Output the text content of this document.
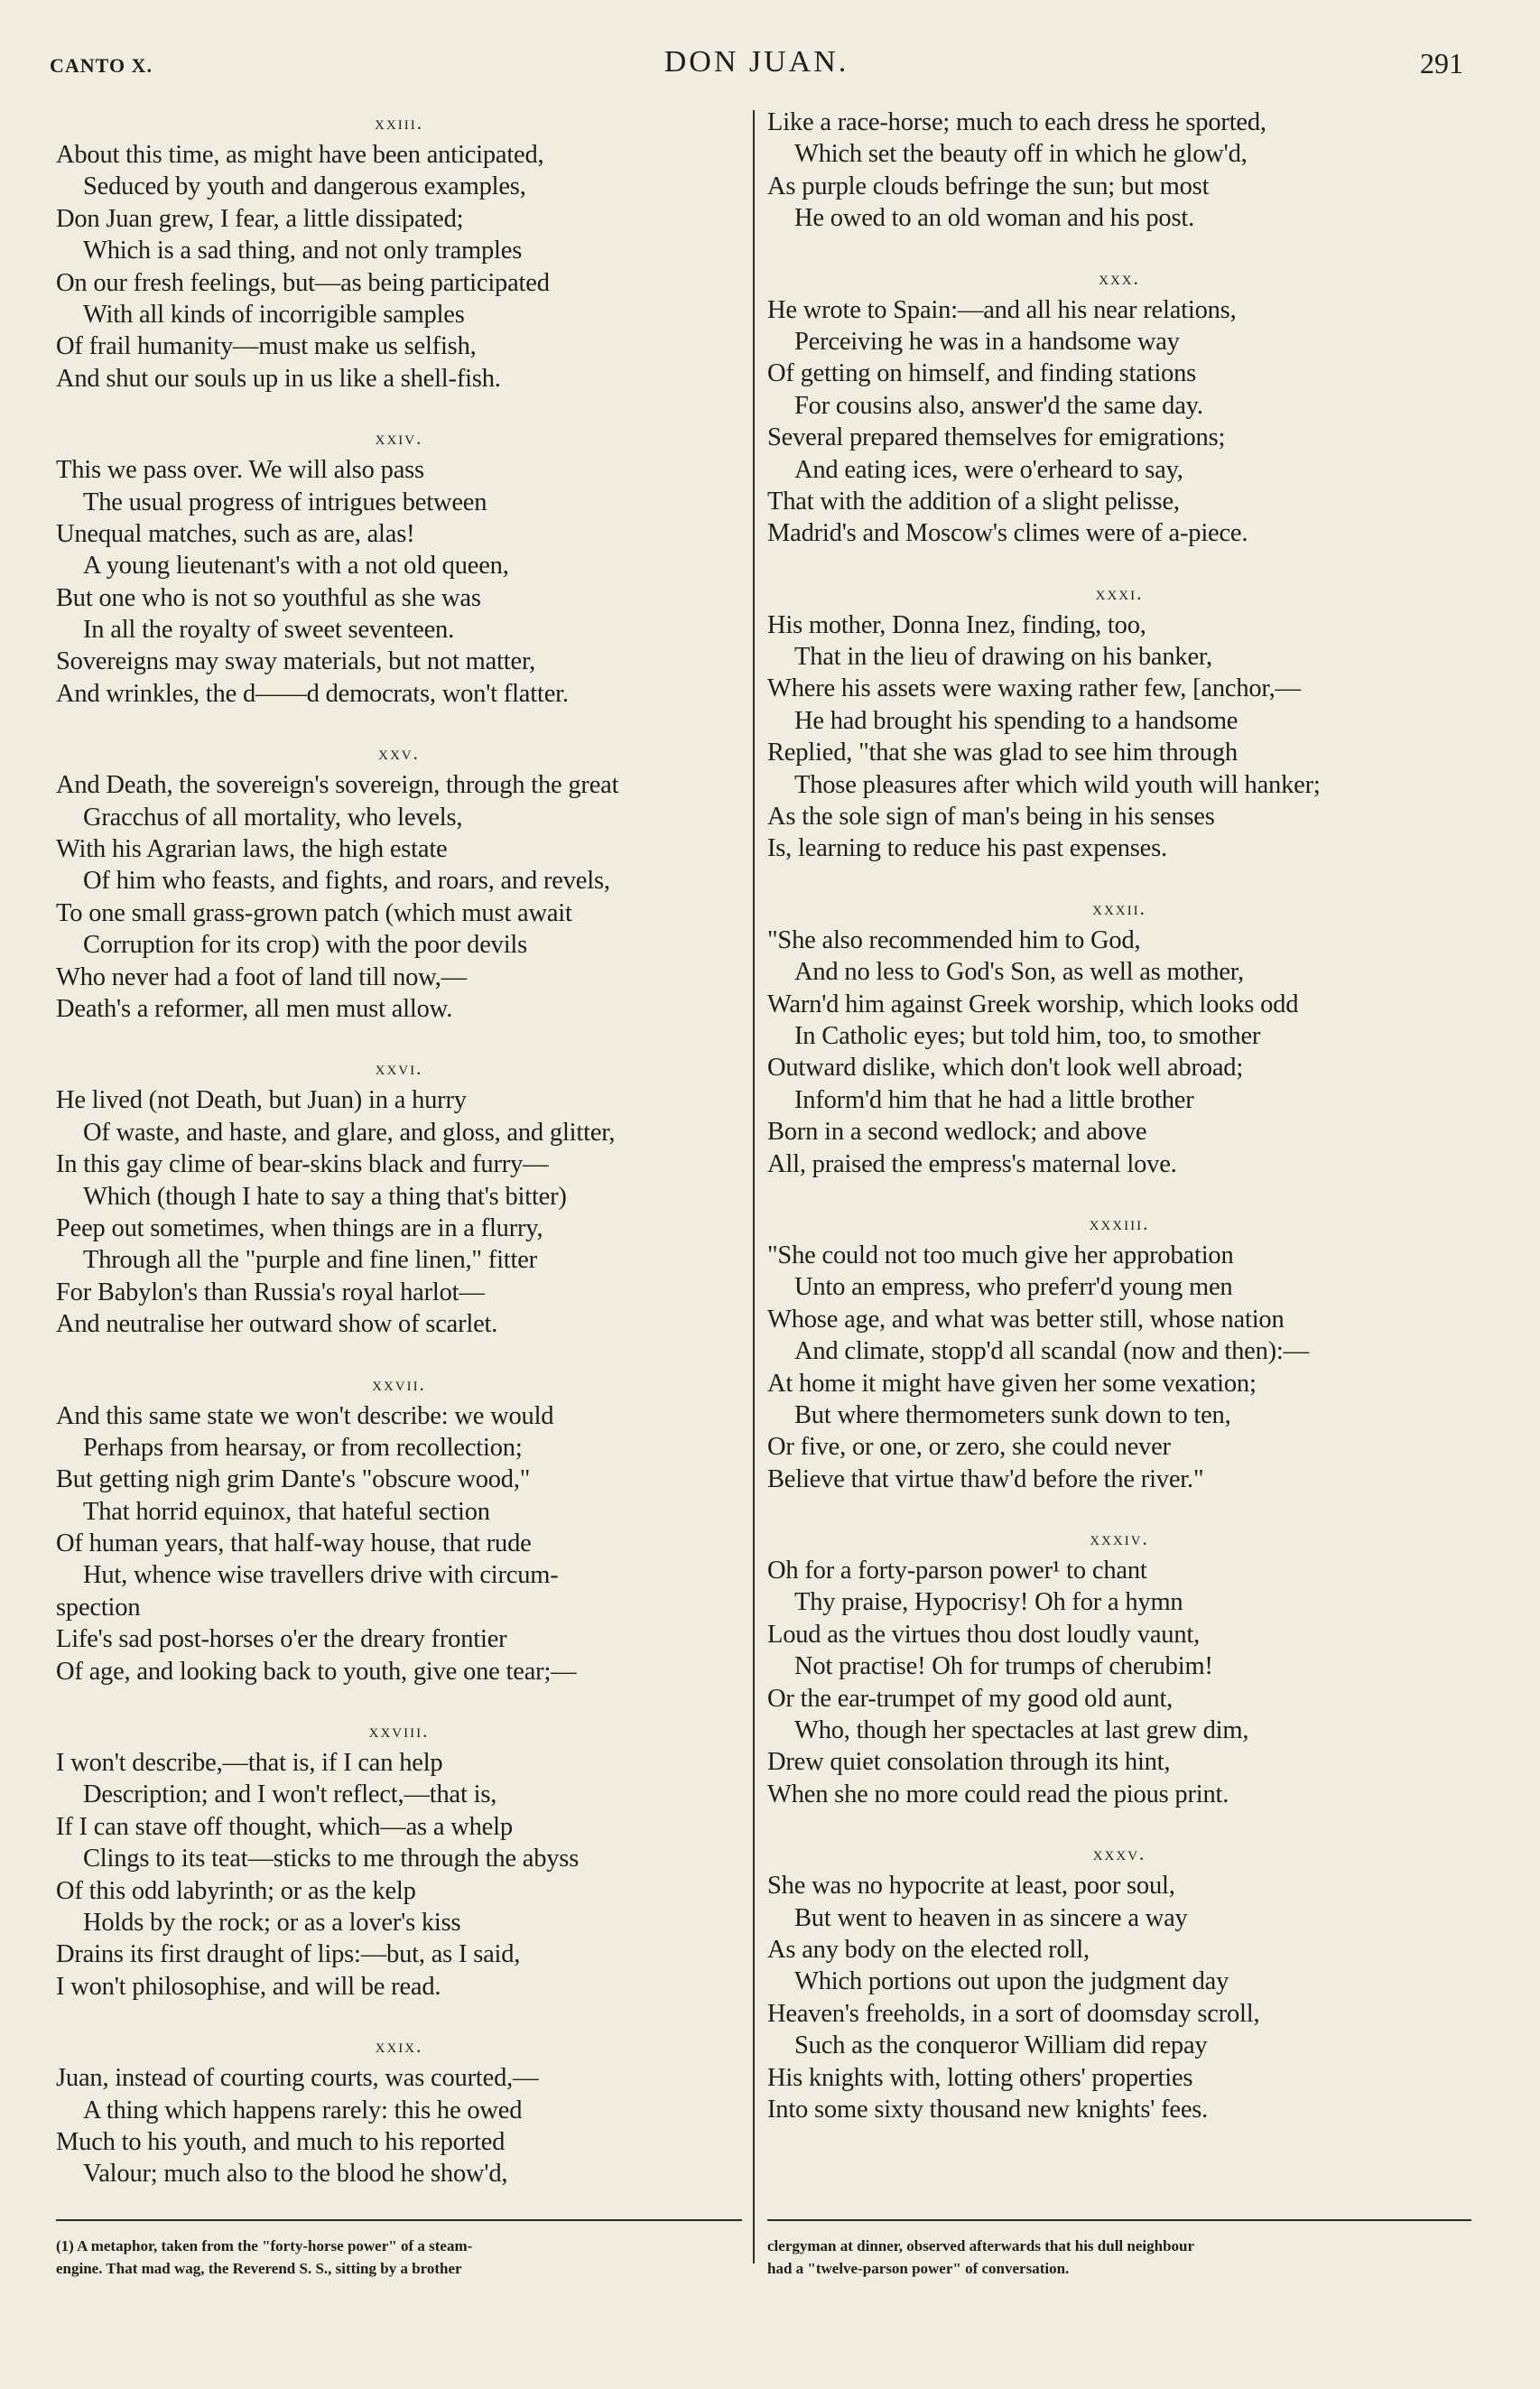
CANTO X.	DON JUAN.	291
xxiii.
About this time, as might have been anticipated,
Seduced by youth and dangerous examples,
Don Juan grew, I fear, a little dissipated;
Which is a sad thing, and not only tramples
On our fresh feelings, but—as being participated
With all kinds of incorrigible samples
Of frail humanity—must make us selfish,
And shut our souls up in us like a shell-fish.
xxiv.
This we pass over. We will also pass
The usual progress of intrigues between
Unequal matches, such as are, alas!
A young lieutenant's with a not old queen,
But one who is not so youthful as she was
In all the royalty of sweet seventeen.
Sovereigns may sway materials, but not matter,
And wrinkles, the d——d democrats, won't flatter.
xxv.
And Death, the sovereign's sovereign, through the great
Gracchus of all mortality, who levels,
With his Agrarian laws, the high estate
Of him who feasts, and fights, and roars, and revels,
To one small grass-grown patch (which must await
Corruption for its crop) with the poor devils
Who never had a foot of land till now,—
Death's a reformer, all men must allow.
xxvi.
He lived (not Death, but Juan) in a hurry
Of waste, and haste, and glare, and gloss, and glitter,
In this gay clime of bear-skins black and furry—
Which (though I hate to say a thing that's bitter)
Peep out sometimes, when things are in a flurry,
Through all the "purple and fine linen," fitter
For Babylon's than Russia's royal harlot—
And neutralise her outward show of scarlet.
xxvii.
And this same state we won't describe: we would
Perhaps from hearsay, or from recollection;
But getting nigh grim Dante's "obscure wood,"
That horrid equinox, that hateful section
Of human years, that half-way house, that rude
Hut, whence wise travellers drive with circum-
spection
Life's sad post-horses o'er the dreary frontier
Of age, and looking back to youth, give one tear;—
xxviii.
I won't describe,—that is, if I can help
Description; and I won't reflect,—that is,
If I can stave off thought, which—as a whelp
Clings to its teat—sticks to me through the abyss
Of this odd labyrinth; or as the kelp
Holds by the rock; or as a lover's kiss
Drains its first draught of lips:—but, as I said,
I won't philosophise, and will be read.
xxix.
Juan, instead of courting courts, was courted,—
A thing which happens rarely: this he owed
Much to his youth, and much to his reported
Valour; much also to the blood he show'd,
Like a race-horse; much to each dress he sported,
Which set the beauty off in which he glow'd,
As purple clouds befringe the sun; but most
He owed to an old woman and his post.
xxx.
He wrote to Spain:—and all his near relations,
Perceiving he was in a handsome way
Of getting on himself, and finding stations
For cousins also, answer'd the same day.
Several prepared themselves for emigrations;
And eating ices, were o'erheard to say,
That with the addition of a slight pelisse,
Madrid's and Moscow's climes were of a-piece.
xxxi.
His mother, Donna Inez, finding, too,
That in the lieu of drawing on his banker,
Where his assets were waxing rather few, [anchor,—
He had brought his spending to a handsome
Replied, "that she was glad to see him through
Those pleasures after which wild youth will hanker;
As the sole sign of man's being in his senses
Is, learning to reduce his past expenses.
xxxii.
"She also recommended him to God,
And no less to God's Son, as well as mother,
Warn'd him against Greek worship, which looks odd
In Catholic eyes; but told him, too, to smother
Outward dislike, which don't look well abroad;
Inform'd him that he had a little brother
Born in a second wedlock; and above
All, praised the empress's maternal love.
xxxiii.
"She could not too much give her approbation
Unto an empress, who preferr'd young men
Whose age, and what was better still, whose nation
And climate, stopp'd all scandal (now and then):—
At home it might have given her some vexation;
But where thermometers sunk down to ten,
Or five, or one, or zero, she could never
Believe that virtue thaw'd before the river."
xxxiv.
Oh for a forty-parson power¹ to chant
Thy praise, Hypocrisy! Oh for a hymn
Loud as the virtues thou dost loudly vaunt,
Not practise! Oh for trumps of cherubim!
Or the ear-trumpet of my good old aunt,
Who, though her spectacles at last grew dim,
Drew quiet consolation through its hint,
When she no more could read the pious print.
xxxv.
She was no hypocrite at least, poor soul,
But went to heaven in as sincere a way
As any body on the elected roll,
Which portions out upon the judgment day
Heaven's freeholds, in a sort of doomsday scroll,
Such as the conqueror William did repay
His knights with, lotting others' properties
Into some sixty thousand new knights' fees.
(1) A metaphor, taken from the "forty-horse power" of a steam-
engine. That mad wag, the Reverend S. S., sitting by a brother
clergyman at dinner, observed afterwards that his dull neighbour
had a "twelve-parson power" of conversation.
